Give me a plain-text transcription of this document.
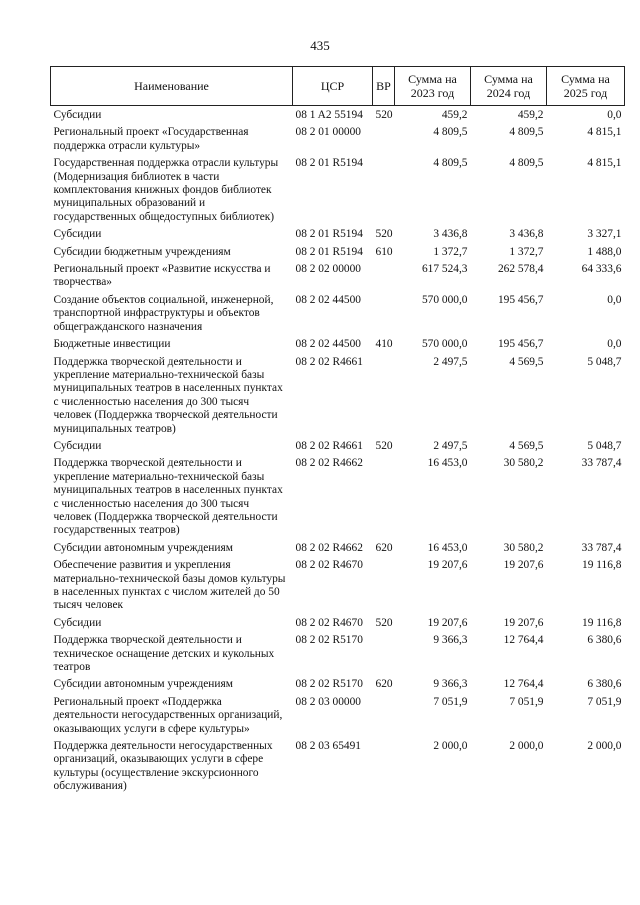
435
Наименование	ЦСР	ВР	Сумма на 2023 год	Сумма на 2024 год	Сумма на 2025 год
Субсидии	08 1 A2 55194	520	459,2	459,2	0,0
Региональный проект «Государственная поддержка отрасли культуры»	08 2 01 00000		4 809,5	4 809,5	4 815,1
Государственная поддержка отрасли культуры (Модернизация библиотек в части комплектования книжных фондов библиотек муниципальных образований и государственных общедоступных библиотек)	08 2 01 R5194		4 809,5	4 809,5	4 815,1
Субсидии	08 2 01 R5194	520	3 436,8	3 436,8	3 327,1
Субсидии бюджетным учреждениям	08 2 01 R5194	610	1 372,7	1 372,7	1 488,0
Региональный проект «Развитие искусства и творчества»	08 2 02 00000		617 524,3	262 578,4	64 333,6
Создание объектов социальной, инженерной, транспортной инфраструктуры и объектов общегражданского назначения	08 2 02 44500		570 000,0	195 456,7	0,0
Бюджетные инвестиции	08 2 02 44500	410	570 000,0	195 456,7	0,0
Поддержка творческой деятельности и укрепление материально-технической базы муниципальных театров в населенных пунктах с численностью населения до 300 тысяч человек (Поддержка творческой деятельности муниципальных театров)	08 2 02 R4661		2 497,5	4 569,5	5 048,7
Субсидии	08 2 02 R4661	520	2 497,5	4 569,5	5 048,7
Поддержка творческой деятельности и укрепление материально-технической базы муниципальных театров в населенных пунктах с численностью населения до 300 тысяч человек (Поддержка творческой деятельности государственных театров)	08 2 02 R4662		16 453,0	30 580,2	33 787,4
Субсидии автономным учреждениям	08 2 02 R4662	620	16 453,0	30 580,2	33 787,4
Обеспечение развития и укрепления материально-технической базы домов культуры в населенных пунктах с числом жителей до 50 тысяч человек	08 2 02 R4670		19 207,6	19 207,6	19 116,8
Субсидии	08 2 02 R4670	520	19 207,6	19 207,6	19 116,8
Поддержка творческой деятельности и техническое оснащение детских и кукольных театров	08 2 02 R5170		9 366,3	12 764,4	6 380,6
Субсидии автономным учреждениям	08 2 02 R5170	620	9 366,3	12 764,4	6 380,6
Региональный проект «Поддержка деятельности негосударственных организаций, оказывающих услуги в сфере культуры»	08 2 03 00000		7 051,9	7 051,9	7 051,9
Поддержка деятельности негосударственных организаций, оказывающих услуги в сфере культуры (осуществление экскурсионного обслуживания)	08 2 03 65491		2 000,0	2 000,0	2 000,0
